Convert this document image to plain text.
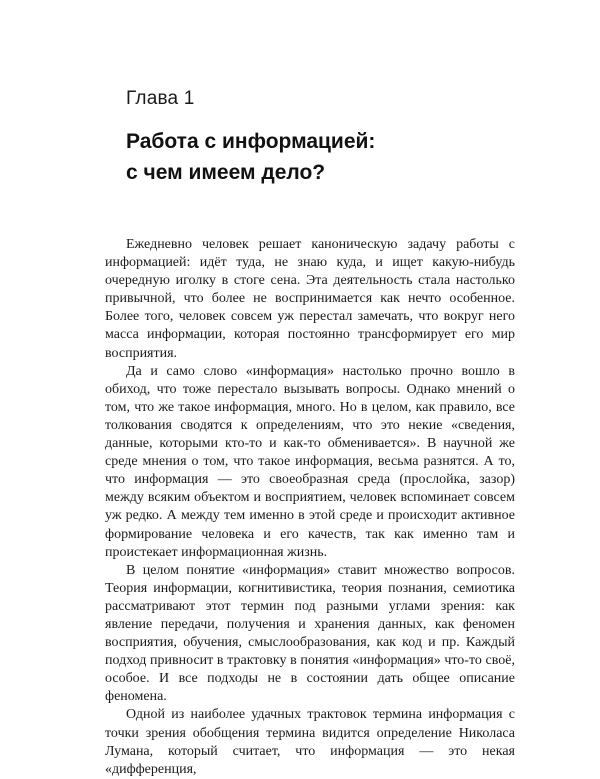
Глава 1
Работа с информацией:
с чем имеем дело?

Ежедневно человек решает каноническую задачу работы с информацией: идёт туда, не знаю куда, и ищет какую-нибудь очередную иголку в стоге сена. Эта деятельность стала настолько привычной, что более не воспринимается как нечто особенное. Более того, человек совсем уж перестал замечать, что вокруг него масса информации, которая постоянно трансформирует его мир восприятия.

Да и само слово «информация» настолько прочно вошло в обиход, что тоже перестало вызывать вопросы. Однако мнений о том, что же такое информация, много. Но в целом, как правило, все толкования сводятся к определениям, что это некие «сведения, данные, которыми кто-то и как-то обменивается». В научной же среде мнения о том, что такое информация, весьма разнятся. А то, что информация — это своеобразная среда (прослойка, зазор) между всяким объектом и восприятием, человек вспоминает совсем уж редко. А между тем именно в этой среде и происходит активное формирование человека и его качеств, так как именно там и проистекает информационная жизнь.

В целом понятие «информация» ставит множество вопросов. Теория информации, когнитивистика, теория познания, семиотика рассматривают этот термин под разными углами зрения: как явление передачи, получения и хранения данных, как феномен восприятия, обучения, смыслообразования, как код и пр. Каждый подход привносит в трактовку в понятия «информация» что-то своё, особое. И все подходы не в состоянии дать общее описание феномена.

Одной из наиболее удачных трактовок термина информация с точки зрения обобщения термина видится определение Николаса Лумана, который считает, что информация — это некая «дифференция,
